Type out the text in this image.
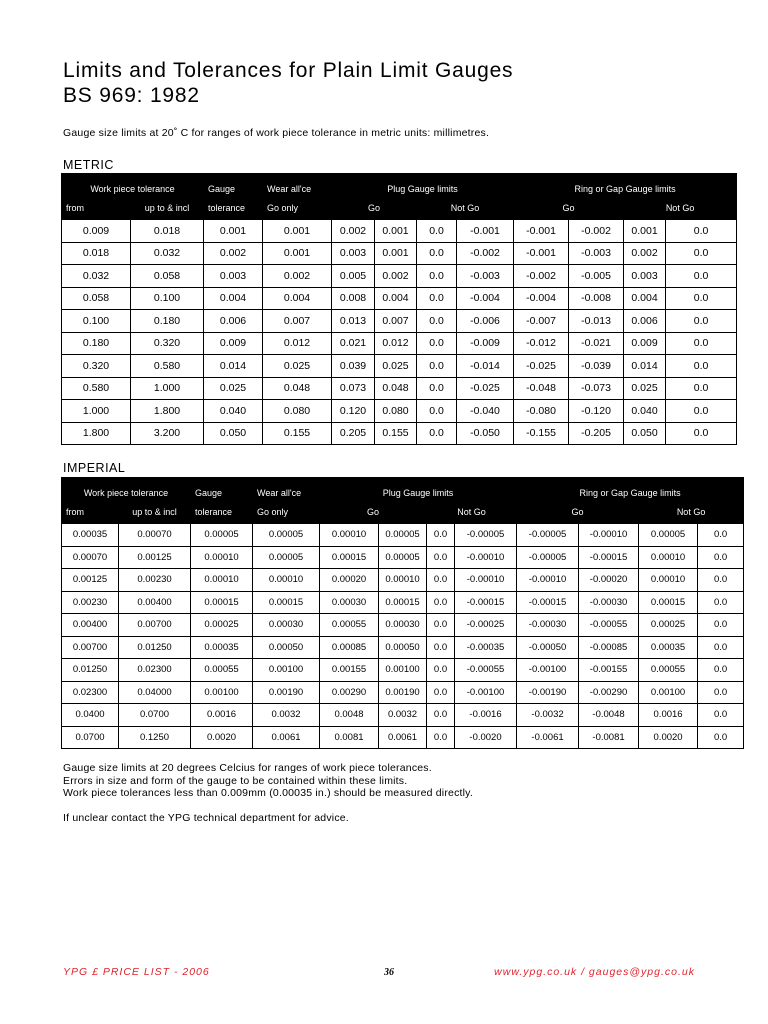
Limits and Tolerances for Plain Limit Gauges
BS 969: 1982
Gauge size limits at 20˚ C for ranges of work piece tolerance in metric units: millimetres.
METRIC
Work piece tolerance		Gauge	Wear all'ce	Plug Gauge limits				Ring or Gap Gauge limits			
from	up to & incl	tolerance	Go only	Go		Not Go		Go		Not Go	
0.009	0.018	0.001	0.001	0.002	0.001	0.0	-0.001	-0.001	-0.002	0.001	0.0
0.018	0.032	0.002	0.001	0.003	0.001	0.0	-0.002	-0.001	-0.003	0.002	0.0
0.032	0.058	0.003	0.002	0.005	0.002	0.0	-0.003	-0.002	-0.005	0.003	0.0
0.058	0.100	0.004	0.004	0.008	0.004	0.0	-0.004	-0.004	-0.008	0.004	0.0
0.100	0.180	0.006	0.007	0.013	0.007	0.0	-0.006	-0.007	-0.013	0.006	0.0
0.180	0.320	0.009	0.012	0.021	0.012	0.0	-0.009	-0.012	-0.021	0.009	0.0
0.320	0.580	0.014	0.025	0.039	0.025	0.0	-0.014	-0.025	-0.039	0.014	0.0
0.580	1.000	0.025	0.048	0.073	0.048	0.0	-0.025	-0.048	-0.073	0.025	0.0
1.000	1.800	0.040	0.080	0.120	0.080	0.0	-0.040	-0.080	-0.120	0.040	0.0
1.800	3.200	0.050	0.155	0.205	0.155	0.0	-0.050	-0.155	-0.205	0.050	0.0
IMPERIAL
Work piece tolerance		Gauge	Wear all'ce	Plug Gauge limits				Ring or Gap Gauge limits			
from	up to & incl	tolerance	Go only	Go		Not Go		Go		Not Go	
0.00035	0.00070	0.00005	0.00005	0.00010	0.00005	0.0	-0.00005	-0.00005	-0.00010	0.00005	0.0
0.00070	0.00125	0.00010	0.00005	0.00015	0.00005	0.0	-0.00010	-0.00005	-0.00015	0.00010	0.0
0.00125	0.00230	0.00010	0.00010	0.00020	0.00010	0.0	-0.00010	-0.00010	-0.00020	0.00010	0.0
0.00230	0.00400	0.00015	0.00015	0.00030	0.00015	0.0	-0.00015	-0.00015	-0.00030	0.00015	0.0
0.00400	0.00700	0.00025	0.00030	0.00055	0.00030	0.0	-0.00025	-0.00030	-0.00055	0.00025	0.0
0.00700	0.01250	0.00035	0.00050	0.00085	0.00050	0.0	-0.00035	-0.00050	-0.00085	0.00035	0.0
0.01250	0.02300	0.00055	0.00100	0.00155	0.00100	0.0	-0.00055	-0.00100	-0.00155	0.00055	0.0
0.02300	0.04000	0.00100	0.00190	0.00290	0.00190	0.0	-0.00100	-0.00190	-0.00290	0.00100	0.0
0.0400	0.0700	0.0016	0.0032	0.0048	0.0032	0.0	-0.0016	-0.0032	-0.0048	0.0016	0.0
0.0700	0.1250	0.0020	0.0061	0.0081	0.0061	0.0	-0.0020	-0.0061	-0.0081	0.0020	0.0
Gauge size limits at 20 degrees Celcius for ranges of work piece tolerances.
Errors in size and form of the gauge to be contained within these limits.
Work piece tolerances less than 0.009mm (0.00035 in.) should be measured directly.
If unclear contact the YPG technical department for advice.
YPG £ PRICE LIST - 2006	36	www.ypg.co.uk / gauges@ypg.co.uk
